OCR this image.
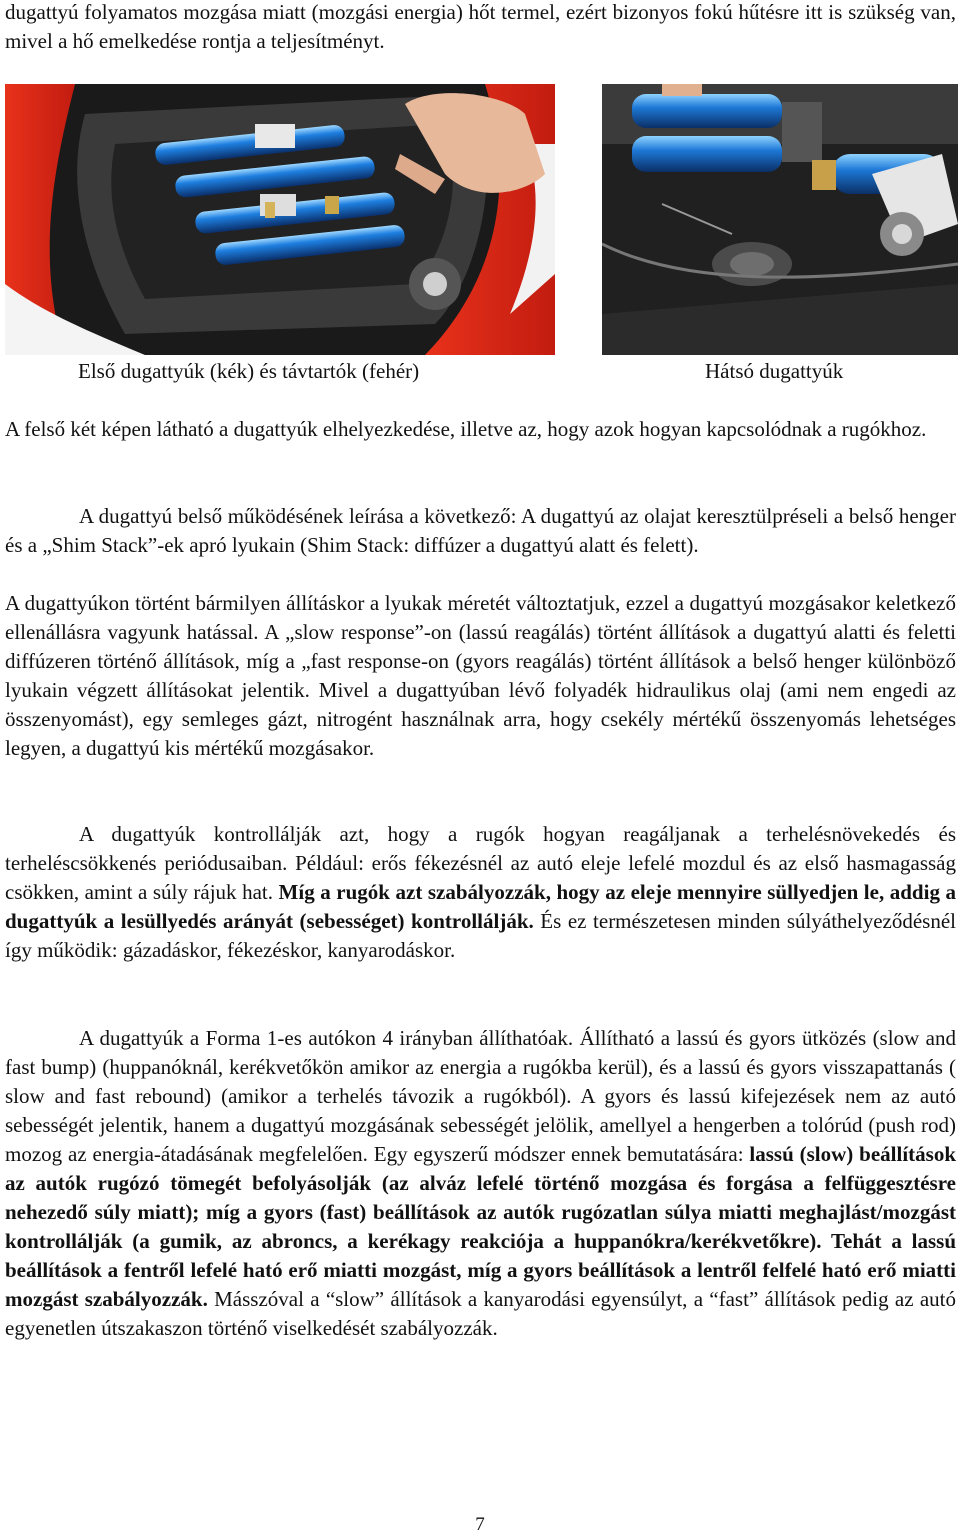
dugattyú folyamatos mozgása miatt (mozgási energia) hőt termel, ezért bizonyos fokú hűtésre itt is szükség van, mivel a hő emelkedése rontja a teljesítményt.

Első dugattyúk (kék) és távtartók (fehér)	Hátsó dugattyúk

A felső két képen látható a dugattyúk elhelyezkedése, illetve az, hogy azok hogyan kapcsolódnak a rugókhoz.

A dugattyú belső működésének leírása a következő: A dugattyú az olajat keresztülpréseli a belső henger és a „Shim Stack”-ek apró lyukain (Shim Stack: diffúzer a dugattyú alatt és felett).

A dugattyúkon történt bármilyen állításkor a lyukak méretét változtatjuk, ezzel a dugattyú mozgásakor keletkező ellenállásra vagyunk hatással. A „slow response”-on (lassú reagálás) történt állítások a dugattyú alatti és feletti diffúzeren történő állítások, míg a „fast response-on (gyors reagálás) történt állítások a belső henger különböző lyukain végzett állításokat jelentik. Mivel a dugattyúban lévő folyadék hidraulikus olaj (ami nem engedi az összenyomást), egy semleges gázt, nitrogént használnak arra, hogy csekély mértékű összenyomás lehetséges legyen, a dugattyú kis mértékű mozgásakor.

A dugattyúk kontrollálják azt, hogy a rugók hogyan reagáljanak a terhelésnövekedés és terheléscsökkenés periódusaiban. Például: erős fékezésnél az autó eleje lefelé mozdul és az első hasmagasság csökken, amint a súly rájuk hat. Míg a rugók azt szabályozzák, hogy az eleje mennyire süllyedjen le, addig a dugattyúk a lesüllyedés arányát (sebességet) kontrollálják. És ez természetesen minden súlyáthelyeződésnél így működik: gázadáskor, fékezéskor, kanyarodáskor.

A dugattyúk a Forma 1-es autókon 4 irányban állíthatóak. Állítható a lassú és gyors ütközés (slow and fast bump) (huppanóknál, kerékvetőkön amikor az energia a rugókba kerül), és a lassú és gyors visszapattanás ( slow and fast rebound) (amikor a terhelés távozik a rugókból). A gyors és lassú kifejezések nem az autó sebességét jelentik, hanem a dugattyú mozgásának sebességét jelölik, amellyel a hengerben a tolórúd (push rod) mozog az energia-átadásának megfelelően. Egy egyszerű módszer ennek bemutatására: lassú (slow) beállítások az autók rugózó tömegét befolyásolják (az alváz lefelé történő mozgása és forgása a felfüggesztésre nehezedő súly miatt); míg a gyors (fast) beállítások az autók rugózatlan súlya miatti meghajlást/mozgást kontrollálják (a gumik, az abroncs, a kerékagy reakciója a huppanókra/kerékvetőkre). Tehát a lassú beállítások a fentről lefelé ható erő miatti mozgást, míg a gyors beállítások a lentről felfelé ható erő miatti mozgást szabályozzák. Másszóval a “slow” állítások a kanyarodási egyensúlyt, a “fast” állítások pedig az autó egyenetlen útszakaszon történő viselkedését szabályozzák.

7
